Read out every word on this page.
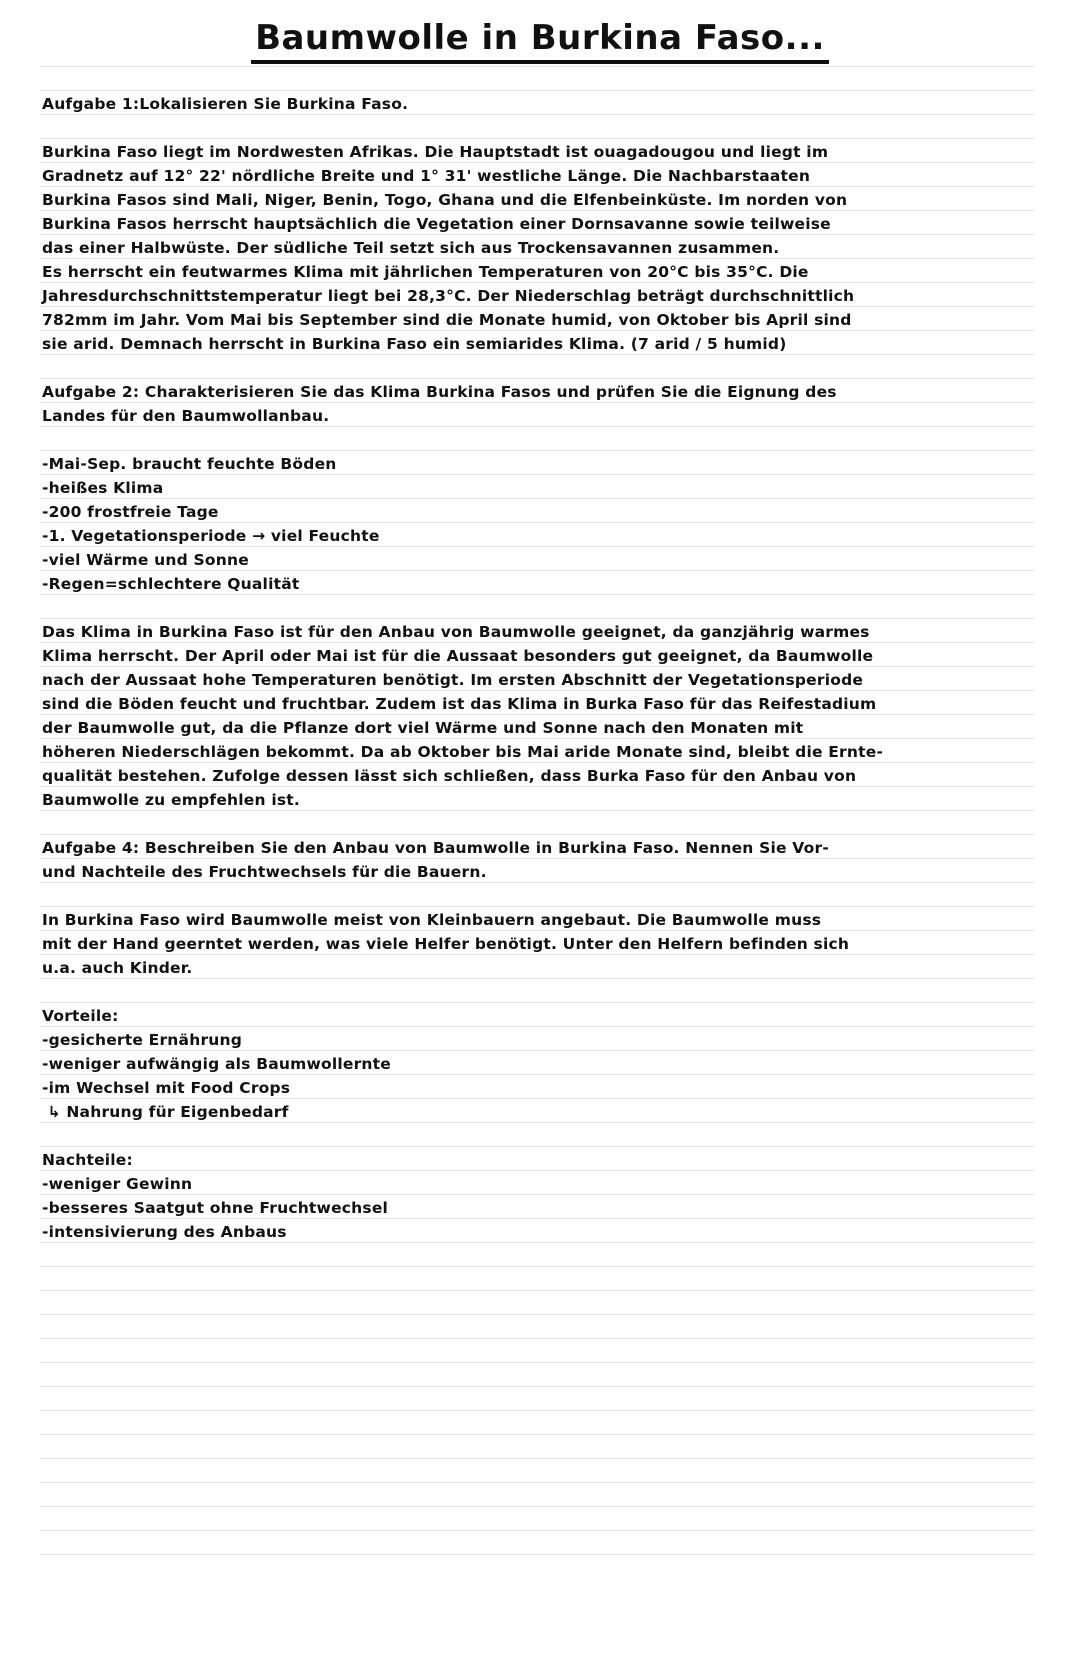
Baumwolle in Burkina Faso...

Aufgabe 1:Lokalisieren Sie Burkina Faso.

Burkina Faso liegt im Nordwesten Afrikas. Die Hauptstadt ist ouagadougou und liegt im

Gradnetz auf 12° 22' nördliche Breite und 1° 31' westliche Länge. Die Nachbarstaaten

Burkina Fasos sind Mali, Niger, Benin, Togo, Ghana und die Elfenbeinküste. Im norden von

Burkina Fasos herrscht hauptsächlich die Vegetation einer Dornsavanne sowie teilweise

das einer Halbwüste. Der südliche Teil setzt sich aus Trockensavannen zusammen.

Es herrscht ein feutwarmes Klima mit jährlichen Temperaturen von 20°C bis 35°C. Die

Jahresdurchschnittstemperatur liegt bei 28,3°C. Der Niederschlag beträgt durchschnittlich

782mm im Jahr. Vom Mai bis September sind die Monate humid, von Oktober bis April sind

sie arid. Demnach herrscht in Burkina Faso ein semiarides Klima. (7 arid / 5 humid)

Aufgabe 2: Charakterisieren Sie das Klima Burkina Fasos und prüfen Sie die Eignung des

Landes für den Baumwollanbau.

-Mai-Sep. braucht feuchte Böden
-heißes Klima
-200 frostfreie Tage
-1. Vegetationsperiode → viel Feuchte
-viel Wärme und Sonne
-Regen=schlechtere Qualität

Das Klima in Burkina Faso ist für den Anbau von Baumwolle geeignet, da ganzjährig warmes

Klima herrscht. Der April oder Mai ist für die Aussaat besonders gut geeignet, da Baumwolle

nach der Aussaat hohe Temperaturen benötigt. Im ersten Abschnitt der Vegetationsperiode

sind die Böden feucht und fruchtbar. Zudem ist das Klima in Burka Faso für das Reifestadium

der Baumwolle gut, da die Pflanze dort viel Wärme und Sonne nach den Monaten mit

höheren Niederschlägen bekommt. Da ab Oktober bis Mai aride Monate sind, bleibt die Ernte-

qualität bestehen. Zufolge dessen lässt sich schließen, dass Burka Faso für den Anbau von

Baumwolle zu empfehlen ist.

Aufgabe 4: Beschreiben Sie den Anbau von Baumwolle in Burkina Faso. Nennen Sie Vor-

und Nachteile des Fruchtwechsels für die Bauern.

In Burkina Faso wird Baumwolle meist von Kleinbauern angebaut. Die Baumwolle muss

mit der Hand geerntet werden, was viele Helfer benötigt. Unter den Helfern befinden sich

u.a. auch Kinder.

Vorteile:

-gesicherte Ernährung
-weniger aufwängig als Baumwollernte
-im Wechsel mit Food Crops
↳ Nahrung für Eigenbedarf

Nachteile:

-weniger Gewinn
-besseres Saatgut ohne Fruchtwechsel
-intensivierung des Anbaus
